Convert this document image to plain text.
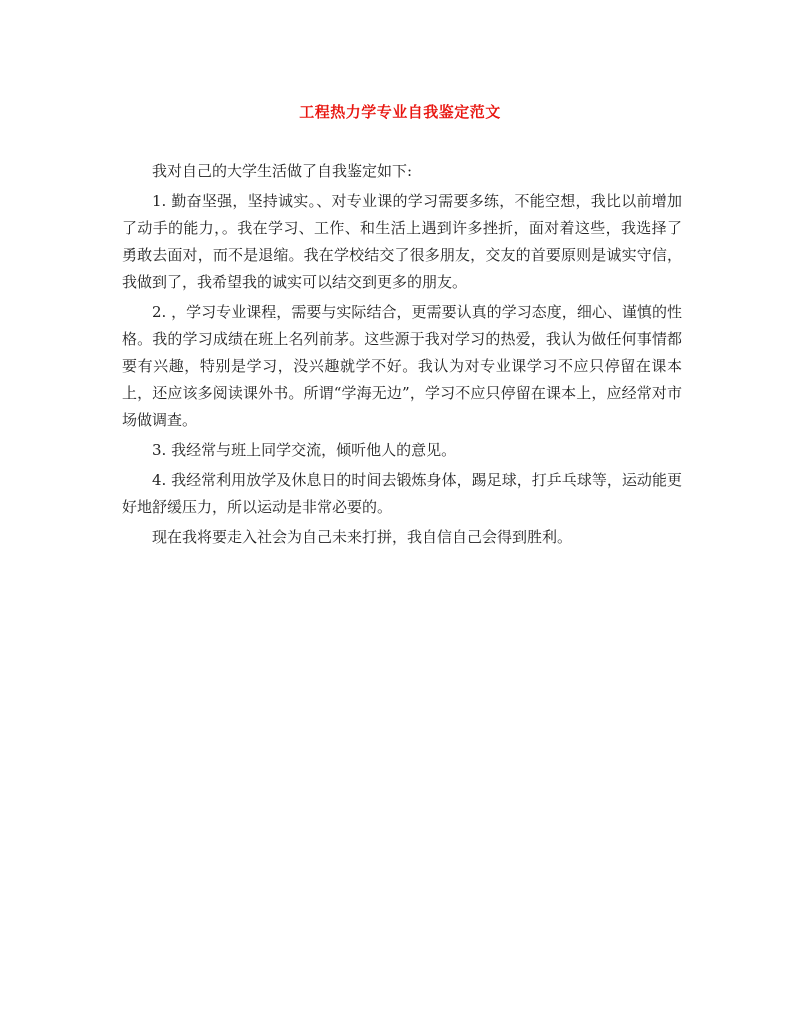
工程热力学专业自我鉴定范文

我对自己的大学生活做了自我鉴定如下:

1. 勤奋坚强，坚持诚实。、对专业课的学习需要多练，不能空想，我比以前增加了动手的能力，。我在学习、工作、和生活上遇到许多挫折，面对着这些，我选择了勇敢去面对，而不是退缩。我在学校结交了很多朋友，交友的首要原则是诚实守信，我做到了，我希望我的诚实可以结交到更多的朋友。

2. ，学习专业课程，需要与实际结合，更需要认真的学习态度，细心、谨慎的性格。我的学习成绩在班上名列前茅。这些源于我对学习的热爱，我认为做任何事情都要有兴趣，特别是学习，没兴趣就学不好。我认为对专业课学习不应只停留在课本上，还应该多阅读课外书。所谓“学海无边”，学习不应只停留在课本上，应经常对市场做调查。

3. 我经常与班上同学交流，倾听他人的意见。

4. 我经常利用放学及休息日的时间去锻炼身体，踢足球，打乒乓球等，运动能更好地舒缓压力，所以运动是非常必要的。

现在我将要走入社会为自己未来打拼，我自信自己会得到胜利。
